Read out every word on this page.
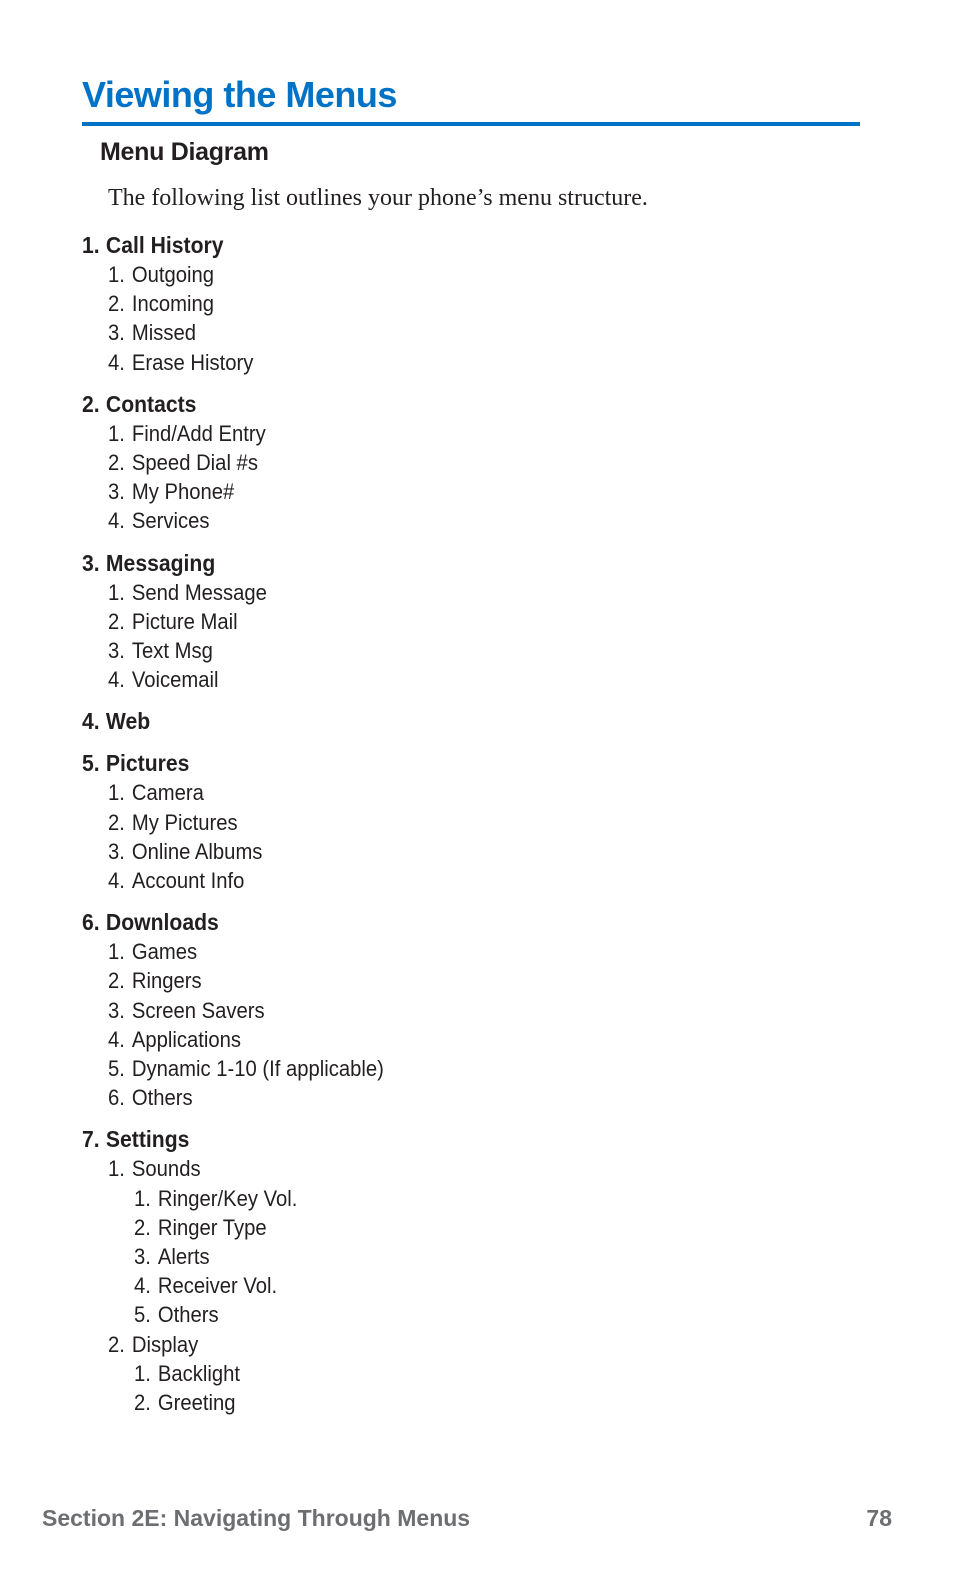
Viewing the Menus
Menu Diagram

The following list outlines your phone’s menu structure.

1. Call History
1. Outgoing
2. Incoming
3. Missed
4. Erase History
2. Contacts
1. Find/Add Entry
2. Speed Dial #s
3. My Phone#
4. Services
3. Messaging
1. Send Message
2. Picture Mail
3. Text Msg
4. Voicemail
4. Web
5. Pictures
1. Camera
2. My Pictures
3. Online Albums
4. Account Info
6. Downloads
1. Games
2. Ringers
3. Screen Savers
4. Applications
5. Dynamic 1-10 (If applicable)
6. Others
7. Settings
1. Sounds
1. Ringer/Key Vol.
2. Ringer Type
3. Alerts
4. Receiver Vol.
5. Others
2. Display
1. Backlight
2. Greeting
Section 2E: Navigating Through Menus	78
